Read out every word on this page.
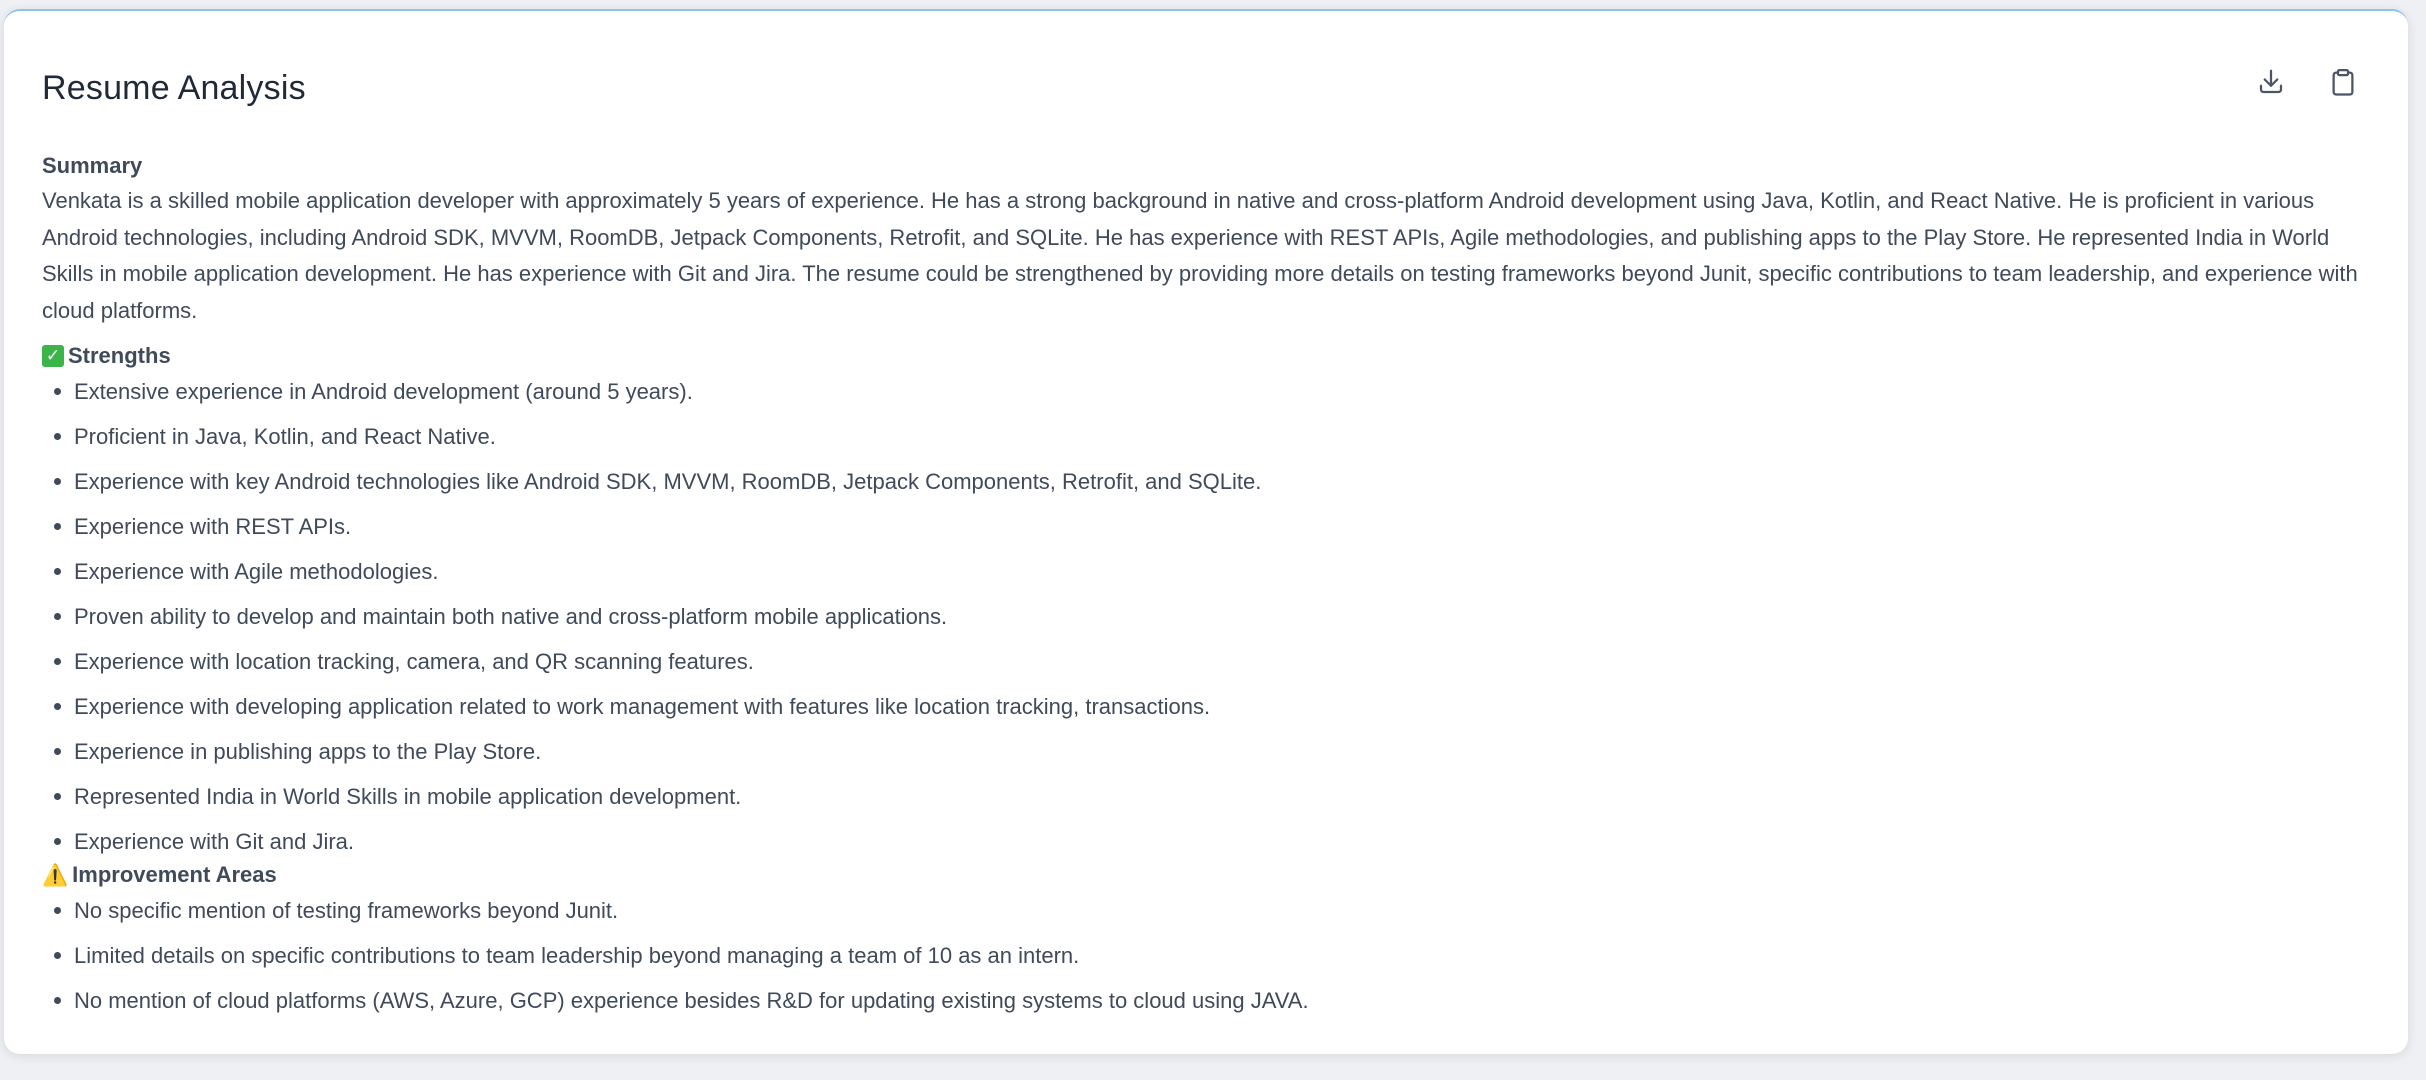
Resume Analysis
Summary

Venkata is a skilled mobile application developer with approximately 5 years of experience. He has a strong background in native and cross-platform Android development using Java, Kotlin, and React Native. He is proficient in various Android technologies, including Android SDK, MVVM, RoomDB, Jetpack Components, Retrofit, and SQLite. He has experience with REST APIs, Agile methodologies, and publishing apps to the Play Store. He represented India in World Skills in mobile application development. He has experience with Git and Jira. The resume could be strengthened by providing more details on testing frameworks beyond Junit, specific contributions to team leadership, and experience with cloud platforms.

✓ Strengths
Extensive experience in Android development (around 5 years).
Proficient in Java, Kotlin, and React Native.
Experience with key Android technologies like Android SDK, MVVM, RoomDB, Jetpack Components, Retrofit, and SQLite.
Experience with REST APIs.
Experience with Agile methodologies.
Proven ability to develop and maintain both native and cross-platform mobile applications.
Experience with location tracking, camera, and QR scanning features.
Experience with developing application related to work management with features like location tracking, transactions.
Experience in publishing apps to the Play Store.
Represented India in World Skills in mobile application development.
Experience with Git and Jira.
⚠️ Improvement Areas
No specific mention of testing frameworks beyond Junit.
Limited details on specific contributions to team leadership beyond managing a team of 10 as an intern.
No mention of cloud platforms (AWS, Azure, GCP) experience besides R&D for updating existing systems to cloud using JAVA.
